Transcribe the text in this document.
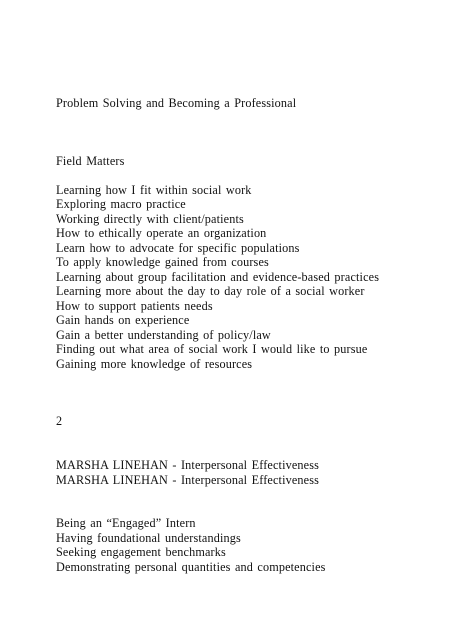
Problem Solving and Becoming a Professional
Field Matters
Learning how I fit within social work
Exploring macro practice
Working directly with client/patients
How to ethically operate an organization
Learn how to advocate for specific populations
To apply knowledge gained from courses
Learning about group facilitation and evidence-based practices
Learning more about the day to day role of a social worker
How to support patients needs
Gain hands on experience
Gain a better understanding of policy/law
Finding out what area of social work I would like to pursue
Gaining more knowledge of resources
2
MARSHA LINEHAN - Interpersonal Effectiveness
MARSHA LINEHAN - Interpersonal Effectiveness
Being an “Engaged” Intern
Having foundational understandings
Seeking engagement benchmarks
Demonstrating personal quantities and competencies
